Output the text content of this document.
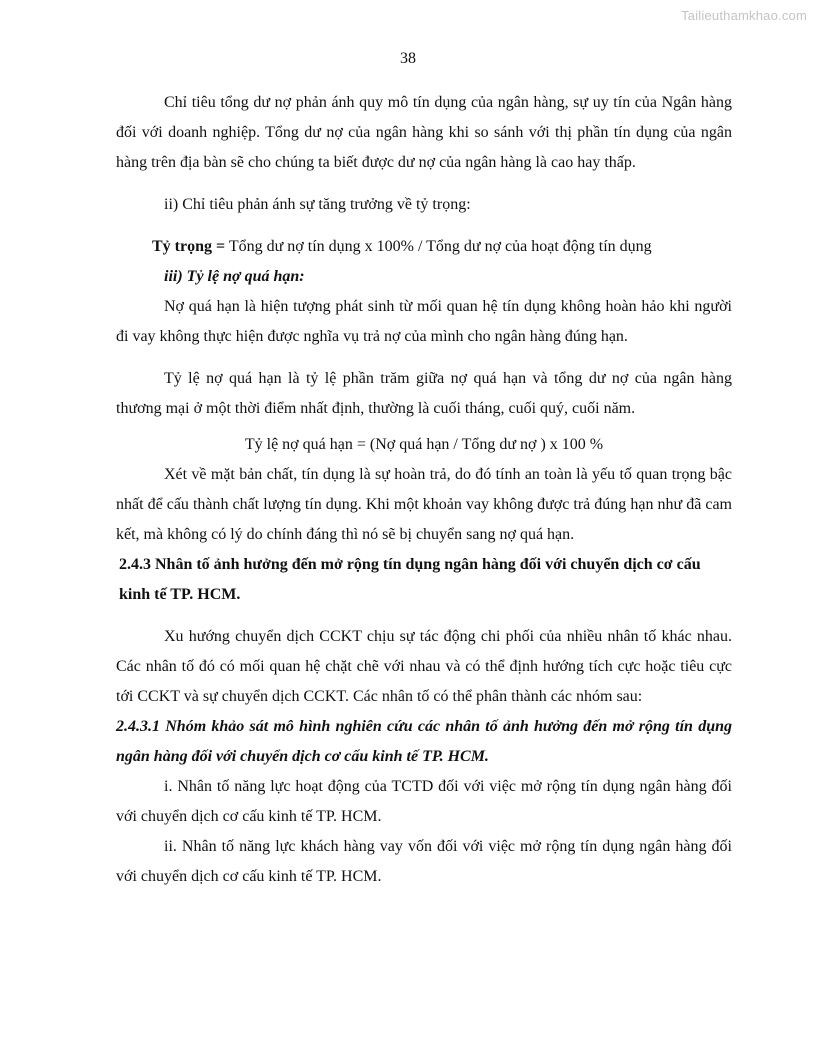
Tailieuthamkhao.com
38

Chỉ tiêu tổng dư nợ phản ánh quy mô tín dụng của ngân hàng, sự uy tín của Ngân hàng đối với doanh nghiệp. Tổng dư nợ của ngân hàng khi so sánh với thị phần tín dụng của ngân hàng trên địa bàn sẽ cho chúng ta biết được dư nợ của ngân hàng là cao hay thấp.

ii) Chỉ tiêu phản ánh sự tăng trưởng về tỷ trọng:

Tỷ trọng = Tổng dư nợ tín dụng x 100% / Tổng dư nợ của hoạt động tín dụng

iii) Tỷ lệ nợ quá hạn:

Nợ quá hạn là hiện tượng phát sinh từ mối quan hệ tín dụng không hoàn hảo khi người đi vay không thực hiện được nghĩa vụ trả nợ của mình cho ngân hàng đúng hạn.

Tỷ lệ nợ quá hạn là tỷ lệ phần trăm giữa nợ quá hạn và tổng dư nợ của ngân hàng thương mại ở một thời điểm nhất định, thường là cuối tháng, cuối quý, cuối năm.

Tỷ lệ nợ quá hạn = (Nợ quá hạn / Tổng dư nợ ) x 100 %

Xét về mặt bản chất, tín dụng là sự hoàn trả, do đó tính an toàn là yếu tố quan trọng bậc nhất để cấu thành chất lượng tín dụng. Khi một khoản vay không được trả đúng hạn như đã cam kết, mà không có lý do chính đáng thì nó sẽ bị chuyển sang nợ quá hạn.

2.4.3 Nhân tố ảnh hưởng đến mở rộng tín dụng ngân hàng đối với chuyển dịch cơ cấu kinh tế TP. HCM.

Xu hướng chuyển dịch CCKT chịu sự tác động chi phối của nhiều nhân tố khác nhau. Các nhân tố đó có mối quan hệ chặt chẽ với nhau và có thể định hướng tích cực hoặc tiêu cực tới CCKT và sự chuyển dịch CCKT. Các nhân tố có thể phân thành các nhóm sau:

2.4.3.1 Nhóm khảo sát mô hình nghiên cứu các nhân tố ảnh hưởng đến mở rộng tín dụng ngân hàng đối với chuyển dịch cơ cấu kinh tế TP. HCM.

i. Nhân tố năng lực hoạt động của TCTD đối với việc mở rộng tín dụng ngân hàng đối với chuyển dịch cơ cấu kinh tế TP. HCM.

ii. Nhân tố năng lực khách hàng vay vốn đối với việc mở rộng tín dụng ngân hàng đối với chuyển dịch cơ cấu kinh tế TP. HCM.
